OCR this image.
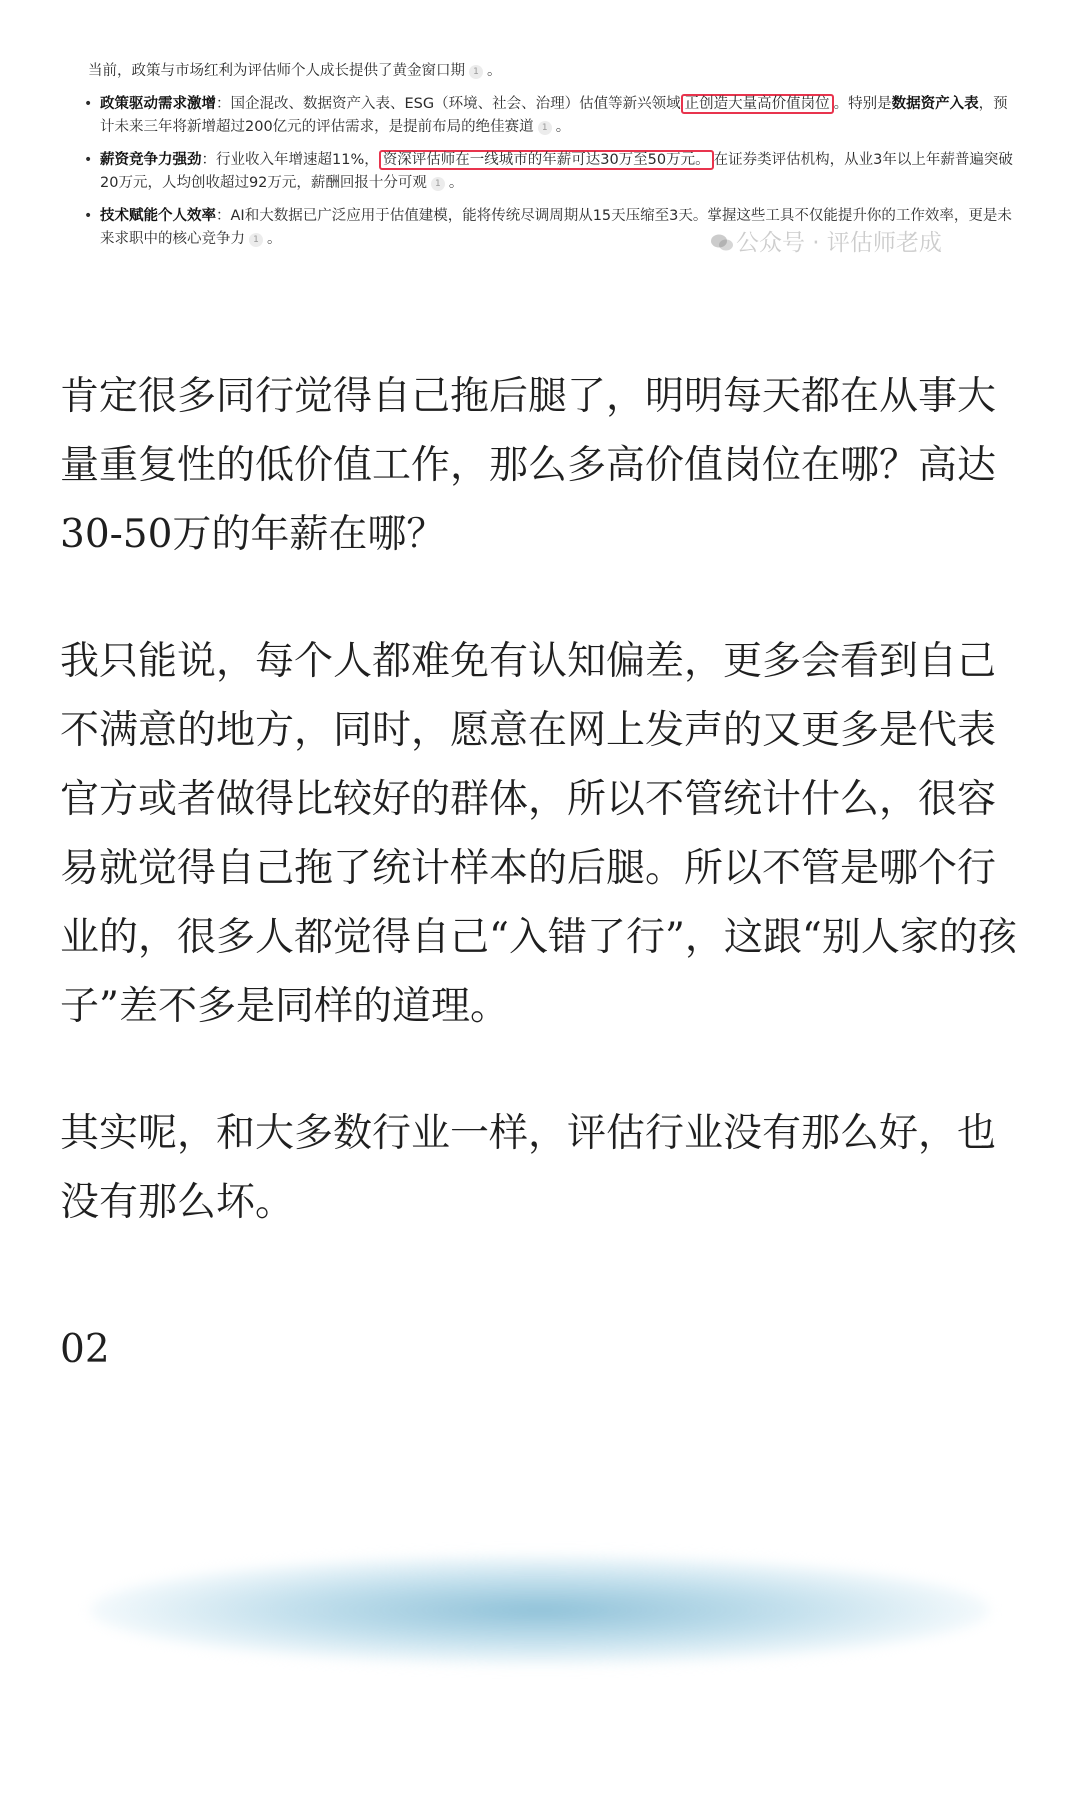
当前，政策与市场红利为评估师个人成长提供了黄金窗口期 1 。

• 政策驱动需求激增：国企混改、数据资产入表、ESG（环境、社会、治理）估值等新兴领域 正创造大量高价值岗位 。特别是数据资产入表，预计未来三年将新增超过200亿元的评估需求，是提前布局的绝佳赛道 1 。
• 薪资竞争力强劲：行业收入年增速超11%， 资深评估师在一线城市的年薪可达30万至50万元。 在证券类评估机构，从业3年以上年薪普遍突破20万元，人均创收超过92万元，薪酬回报十分可观 1 。
• 技术赋能个人效率：AI和大数据已广泛应用于估值建模，能将传统尽调周期从15天压缩至3天。掌握这些工具不仅能提升你的工作效率，更是未来求职中的核心竞争力 1 。	公众号 · 评估师老成

肯定很多同行觉得自己拖后腿了，明明每天都在从事大量重复性的低价值工作，那么多高价值岗位在哪？高达30-50万的年薪在哪？

我只能说，每个人都难免有认知偏差，更多会看到自己不满意的地方，同时，愿意在网上发声的又更多是代表官方或者做得比较好的群体，所以不管统计什么，很容易就觉得自己拖了统计样本的后腿。所以不管是哪个行业的，很多人都觉得自己“入错了行”，这跟“别人家的孩子”差不多是同样的道理。

其实呢，和大多数行业一样，评估行业没有那么好，也没有那么坏。

02
